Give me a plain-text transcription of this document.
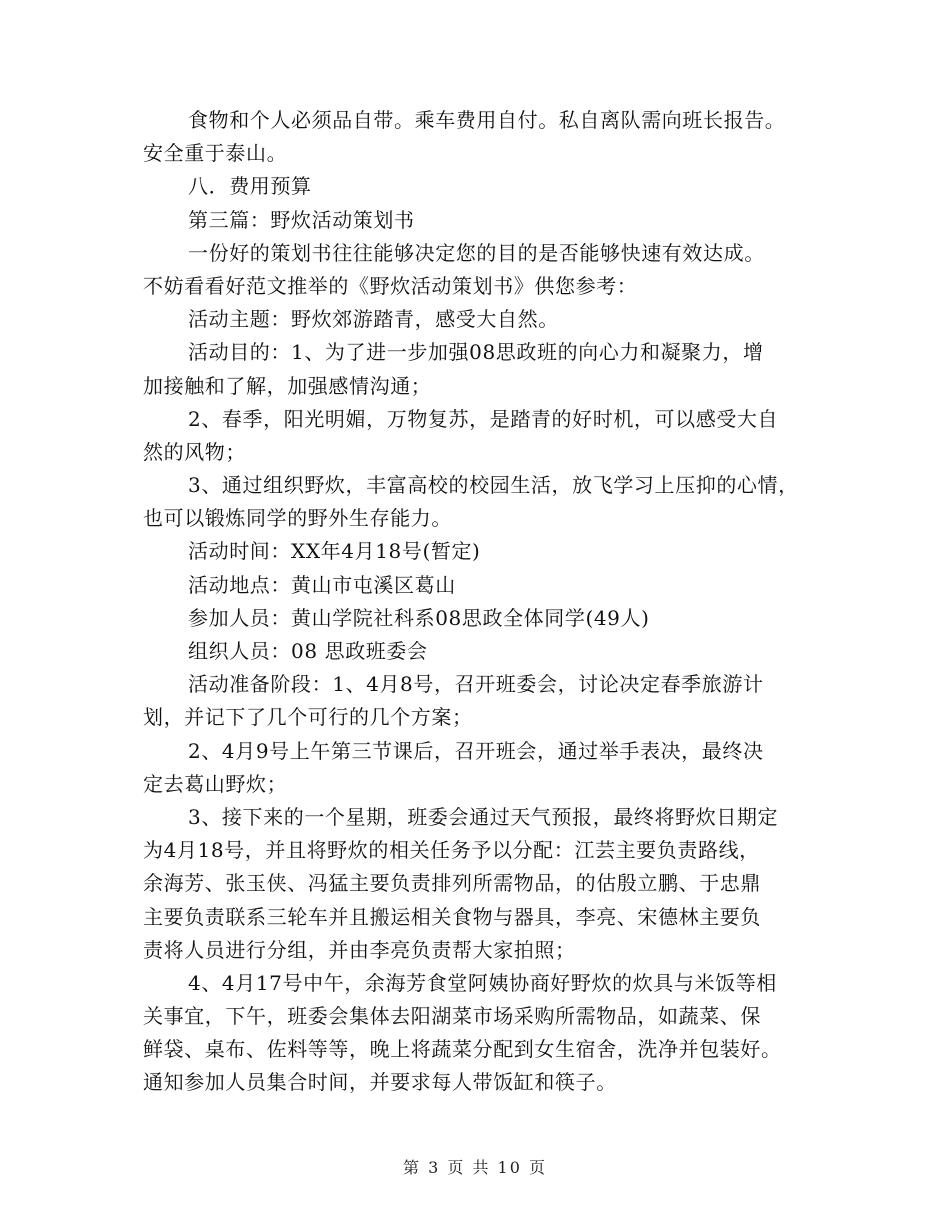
食物和个人必须品自带。乘车费用自付。私自离队需向班长报告。
安全重于泰山。
八．费用预算
第三篇：野炊活动策划书
一份好的策划书往往能够决定您的目的是否能够快速有效达成。
不妨看看好范文推举的《野炊活动策划书》供您参考：
活动主题：野炊郊游踏青，感受大自然。
活动目的：1、为了进一步加强08思政班的向心力和凝聚力，增
加接触和了解，加强感情沟通；
2、春季，阳光明媚，万物复苏，是踏青的好时机，可以感受大自
然的风物；
3、通过组织野炊，丰富高校的校园生活，放飞学习上压抑的心情，
也可以锻炼同学的野外生存能力。
活动时间：XX年4月18号(暂定)
活动地点：黄山市屯溪区葛山
参加人员：黄山学院社科系08思政全体同学(49人)
组织人员：08 思政班委会
活动准备阶段：1、4月8号，召开班委会，讨论决定春季旅游计
划，并记下了几个可行的几个方案；
2、4月9号上午第三节课后，召开班会，通过举手表决，最终决
定去葛山野炊；
3、接下来的一个星期，班委会通过天气预报，最终将野炊日期定
为4月18号，并且将野炊的相关任务予以分配：江芸主要负责路线，
余海芳、张玉侠、冯猛主要负责排列所需物品，的估殷立鹏、于忠鼎
主要负责联系三轮车并且搬运相关食物与器具，李亮、宋德林主要负
责将人员进行分组，并由李亮负责帮大家拍照；
4、4月17号中午，余海芳食堂阿姨协商好野炊的炊具与米饭等相
关事宜，下午，班委会集体去阳湖菜市场采购所需物品，如蔬菜、保
鲜袋、桌布、佐料等等，晚上将蔬菜分配到女生宿舍，洗净并包装好。
通知参加人员集合时间，并要求每人带饭缸和筷子。
第 3 页 共 10 页
